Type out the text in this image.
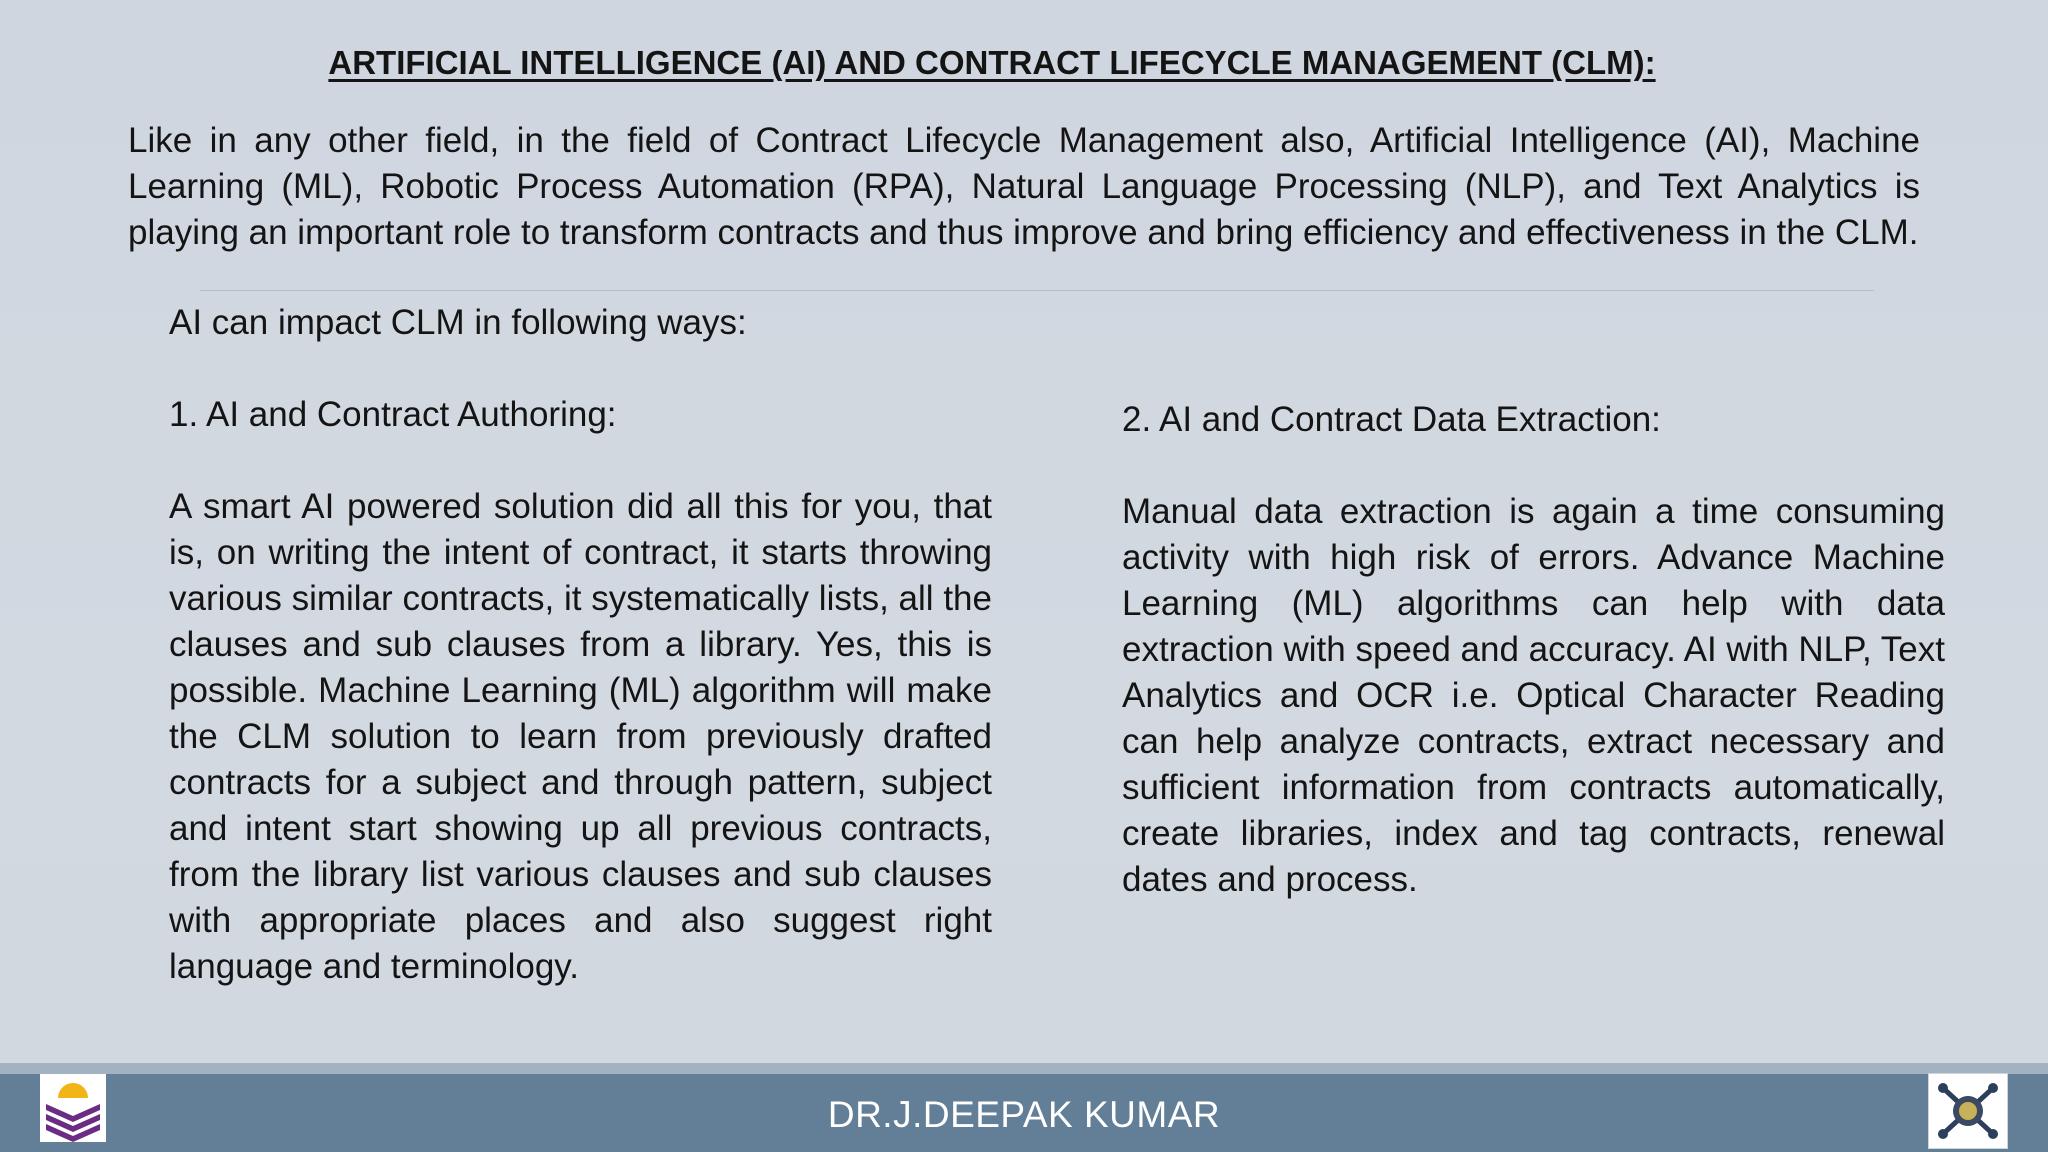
ARTIFICIAL INTELLIGENCE (AI) AND CONTRACT LIFECYCLE MANAGEMENT (CLM):

Like in any other field, in the field of Contract Lifecycle Management also, Artificial Intelligence (AI), Machine Learning (ML), Robotic Process Automation (RPA), Natural Language Processing (NLP), and Text Analytics is playing an important role to transform contracts and thus improve and bring efficiency and effectiveness in the CLM.

AI can impact CLM in following ways:

1. AI and Contract Authoring:

A smart AI powered solution did all this for you, that is, on writing the intent of contract, it starts throwing various similar contracts, it systematically lists, all the clauses and sub clauses from a library. Yes, this is possible. Machine Learning (ML) algorithm will make the CLM solution to learn from previously drafted contracts for a subject and through pattern, subject and intent start showing up all previous contracts, from the library list various clauses and sub clauses with appropriate places and also suggest right language and terminology.

2. AI and Contract Data Extraction:

Manual data extraction is again a time consuming activity with high risk of errors. Advance Machine Learning (ML) algorithms can help with data extraction with speed and accuracy. AI with NLP, Text Analytics and OCR i.e. Optical Character Reading can help analyze contracts, extract necessary and sufficient information from contracts automatically, create libraries, index and tag contracts, renewal dates and process.

DR.J.DEEPAK KUMAR
